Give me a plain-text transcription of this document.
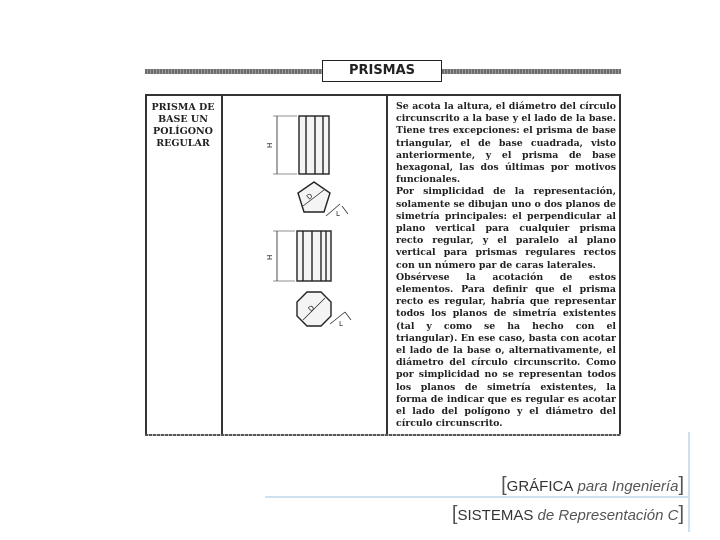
PRISMAS
PRISMA DE
BASE UN
POLÍGONO
REGULAR	H
D
L
H
D
L

Se acota la altura, el diámetro del círculo circunscrito a la base y el lado de la base. Tiene tres excepciones: el prisma de base triangular, el de base cuadrada, visto anteriormente, y el prisma de base hexagonal, las dos últimas por motivos funcionales.

Por simplicidad de la representación, solamente se dibujan uno o dos planos de simetría principales: el perpendicular al plano vertical para cualquier prisma recto regular, y el paralelo al plano vertical para prismas regulares rectos con un número par de caras laterales.

Obsérvese la acotación de estos elementos. Para definir que el prisma recto es regular, habría que representar todos los planos de simetría existentes (tal y como se ha hecho con el triangular). En ese caso, basta con acotar el lado de la base o, alternativamente, el diámetro del círculo circunscrito. Como por simplicidad no se representan todos los planos de simetría existentes, la forma de indicar que es regular es acotar el lado del polígono y el diámetro del círculo circunscrito.

[GRÁFICA para Ingeniería]
[SISTEMAS de Representación C]
